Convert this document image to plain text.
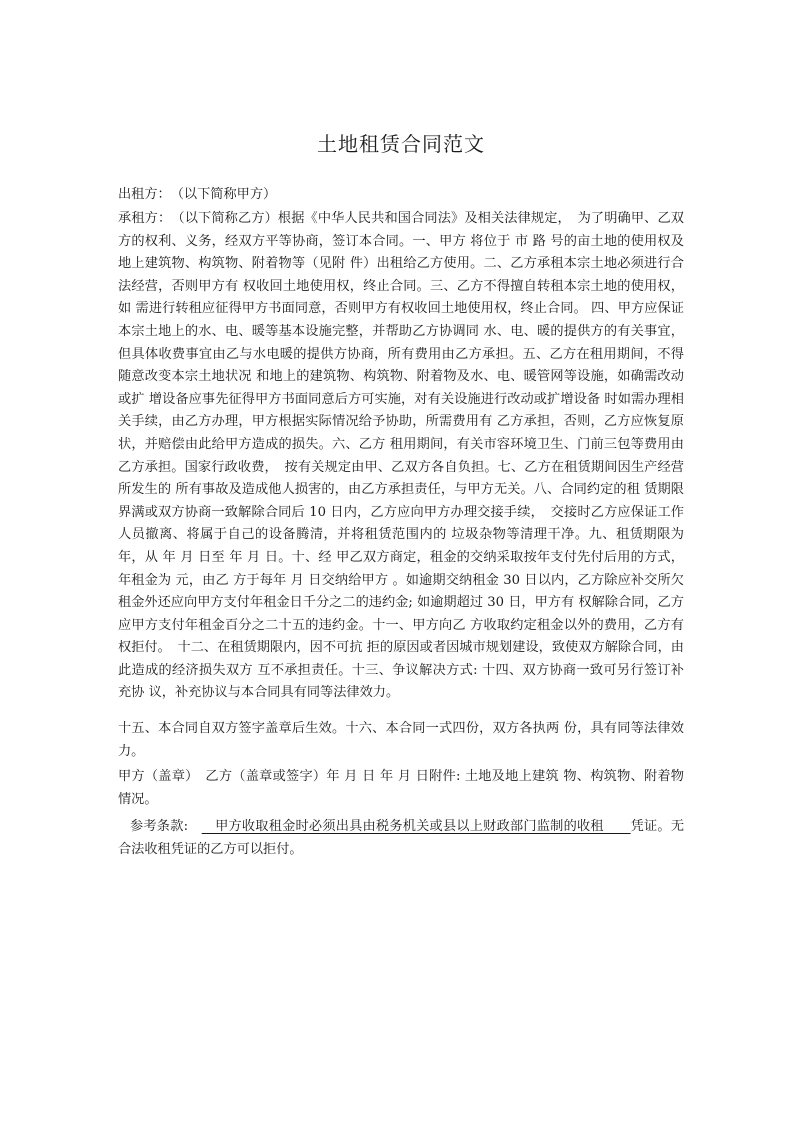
土地租赁合同范文

出租方：　（以下简称甲方）

承租方：　（以下简称乙方）根据《中华人民共和国合同法》及相关法律规定，　为了明确甲、乙双方的权利、义务，经双方平等协商，签订本合同。一、甲方 将位于 市 路 号的亩土地的使用权及地上建筑物、构筑物、附着物等（见附 件）出租给乙方使用。二、乙方承租本宗土地必须进行合法经营，否则甲方有 权收回土地使用权，终止合同。三、乙方不得擅自转租本宗土地的使用权，如 需进行转租应征得甲方书面同意，否则甲方有权收回土地使用权，终止合同。 四、甲方应保证本宗土地上的水、电、暖等基本设施完整，并帮助乙方协调同 水、电、暖的提供方的有关事宜，但具体收费事宜由乙与水电暖的提供方协商，所有费用由乙方承担。五、乙方在租用期间，不得随意改变本宗土地状况 和地上的建筑物、构筑物、附着物及水、电、暖管网等设施，如确需改动或扩 增设备应事先征得甲方书面同意后方可实施，对有关设施进行改动或扩增设备 时如需办理相关手续，由乙方办理，甲方根据实际情况给予协助，所需费用有 乙方承担，否则，乙方应恢复原状，并赔偿由此给甲方造成的损失。六、乙方 租用期间，有关市容环境卫生、门前三包等费用由乙方承担。国家行政收费，　按有关规定由甲、乙双方各自负担。七、乙方在租赁期间因生产经营所发生的 所有事故及造成他人损害的，由乙方承担责任，与甲方无关。八、合同约定的租 赁期限界满或双方协商一致解除合同后 10 日内，乙方应向甲方办理交接手续，　交接时乙方应保证工作人员撤离、将属于自己的设备腾清，并将租赁范围内的 垃圾杂物等清理干净。九、租赁期限为 年，从 年 月 日至 年 月 日。十、经 甲乙双方商定，租金的交纳采取按年支付先付后用的方式，年租金为 元，由乙 方于每年 月 日交纳给甲方 。如逾期交纳租金 30 日以内，乙方除应补交所欠 租金外还应向甲方支付年租金日千分之二的违约金; 如逾期超过 30 日，甲方有 权解除合同，乙方应甲方支付年租金百分之二十五的违约金。十一、甲方向乙 方收取约定租金以外的费用，乙方有权拒付。　十二、在租赁期限内，因不可抗 拒的原因或者因城市规划建设，致使双方解除合同，由此造成的经济损失双方 互不承担责任。十三、争议解决方式: 十四、双方协商一致可另行签订补充协 议，补充协议与本合同具有同等法律效力。

十五、本合同自双方签字盖章后生效。十六、本合同一式四份，双方各执两 份，具有同等法律效力。

甲方（盖章）　乙方（盖章或签字）年 月 日 年 月 日附件: 土地及地上建筑 物、构筑物、附着物情况。

参考条款:　　甲方收取租金时必须出具由税务机关或县以上财政部门监制的收租　　凭证。无合法收租凭证的乙方可以拒付。
